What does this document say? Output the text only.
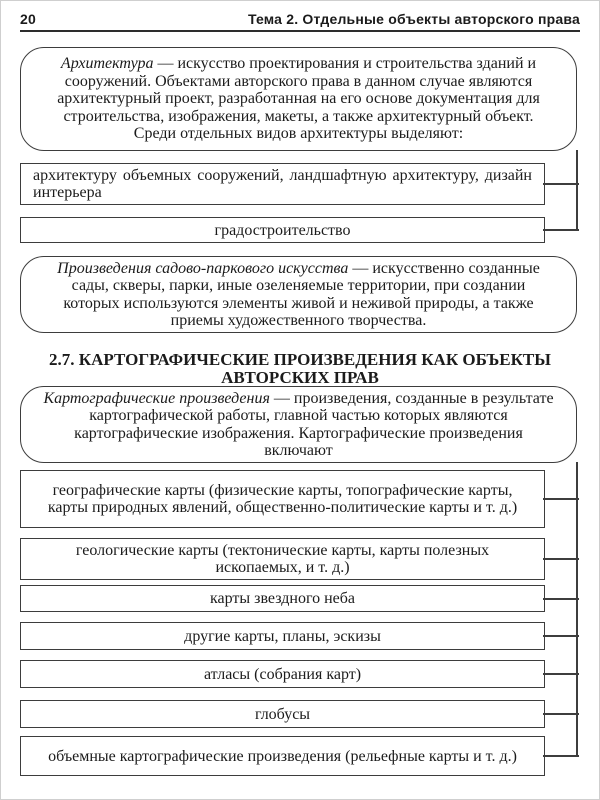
20	Тема 2. Отдельные объекты авторского права

Архитектура — искусство проектирования и строительства зданий и сооружений. Объектами авторского права в данном случае являются архитектурный проект, разработанная на его основе документация для строительства, изображения, макеты, а также архитектурный объект. Среди отдельных видов архитектуры выделяют:

архитектуру объемных сооружений, ландшафтную архитектуру, дизайн интерьера

градостроительство

Произведения садово-паркового искусства — искусственно созданные сады, скверы, парки, иные озеленяемые территории, при создании которых используются элементы живой и неживой природы, а также приемы художественного творчества.

2.7. КАРТОГРАФИЧЕСКИЕ ПРОИЗВЕДЕНИЯ КАК ОБЪЕКТЫ АВТОРСКИХ ПРАВ

Картографические произведения — произведения, созданные в результате картографической работы, главной частью которых являются картографические изображения. Картографические произведения включают

географические карты (физические карты, топографические карты, карты природных явлений, общественно-политические карты и т. д.)

геологические карты (тектонические карты, карты полезных ископаемых, и т. д.)

карты звездного неба

другие карты, планы, эскизы

атласы (собрания карт)

глобусы

объемные картографические произведения (рельефные карты и т. д.)
